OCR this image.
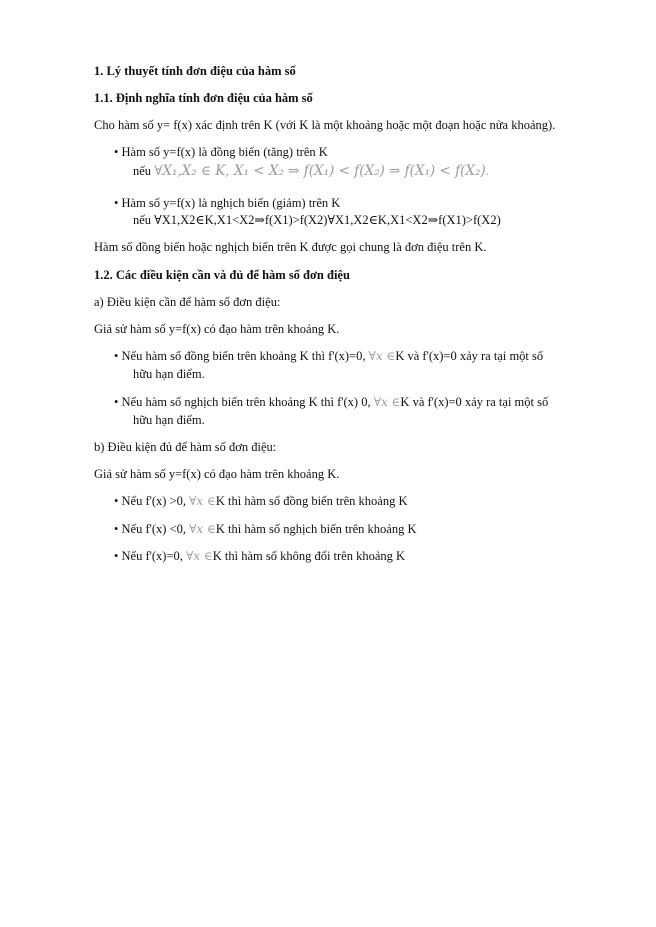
1. Lý thuyết tính đơn điệu của hàm số
1.1. Định nghĩa tính đơn điệu của hàm số
Cho hàm số y= f(x) xác định trên K (với K là một khoảng hoặc một đoạn hoặc nửa khoảng).
• Hàm số y=f(x) là đồng biến (tăng) trên K
nếu ∀X₁,X₂ ∈ K, X₁ < X₂ ⇒ f(X₁) < f(X₂) ⇒ f(X₁) < f(X₂).
• Hàm số y=f(x) là nghịch biến (giảm) trên K
nếu ∀X1,X2∈K,X1<X2⇒f(X1)>f(X2)∀X1,X2∈K,X1<X2⇒f(X1)>f(X2)
Hàm số đồng biến hoặc nghịch biến trên K được gọi chung là đơn điệu trên K.
1.2. Các điều kiện cần và đủ để hàm số đơn điệu
a) Điều kiện cần để hàm số đơn điệu:
Giả sử hàm số y=f(x) có đạo hàm trên khoảng K.
• Nếu hàm số đồng biến trên khoảng K thì f'(x)=0, ∀x ∈K và f'(x)=0 xảy ra tại một số
hữu hạn điểm.
• Nếu hàm số nghịch biến trên khoảng K thì f'(x) 0, ∀x ∈K và f'(x)=0 xảy ra tại một số
hữu hạn điểm.
b) Điều kiện đủ để hàm số đơn điệu:
Giả sử hàm số y=f(x) có đạo hàm trên khoảng K.
• Nếu f'(x) >0, ∀x ∈K thì hàm số đồng biến trên khoảng K
• Nếu f'(x) <0, ∀x ∈K thì hàm số nghịch biến trên khoảng K
• Nếu f'(x)=0, ∀x ∈K thì hàm số không đổi trên khoảng K
